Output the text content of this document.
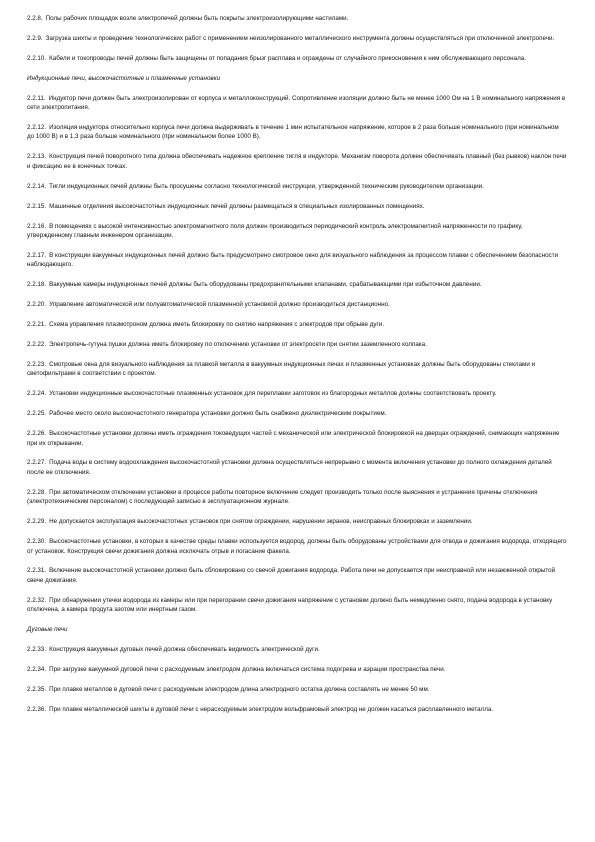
2.2.8. Полы рабочих площадок возле электропечей должны быть покрыты электроизолирующими настилами.
2.2.9. Загрузка шихты и проведение технологических работ с применением неизолированного металлического инструмента должны осуществляться при отключенной электропечи.
2.2.10. Кабели и токопроводы печей должны быть защищены от попадания брызг расплава и ограждены от случайного прикосновения к ним обслуживающего персонала.
Индукционные печи, высокочастотные и плазменные установки
2.2.11. Индуктор печи должен быть электроизолирован от корпуса и металлоконструкций. Сопротивление изоляции должно быть не менее 1000 Ом на 1 В номинального напряжения в сети электропитания.
2.2.12. Изоляция индуктора относительно корпуса печи должна выдерживать в течение 1 мин испытательное напряжение, которое в 2 раза больше номинального (при номинальном до 1000 В) и в 1,3 раза больше номинального (при номинальном более 1000 В).
2.2.13. Конструкция печей поворотного типа должна обеспечивать надежное крепление тигля в индукторе. Механизм поворота должен обеспечивать плавный (без рывков) наклон печи и фиксацию ее в конечных точках.
2.2.14. Тигли индукционных печей должны быть просушены согласно технологической инструкции, утвержденной техническим руководителем организации.
2.2.15. Машинные отделения высокочастотных индукционных печей должны размещаться в специальных изолированных помещениях.
2.2.16. В помещениях с высокой интенсивностью электромагнитного поля должен производиться периодический контроль электромагнитной напряженности по графику, утвержденному главным инженером организации.
2.2.17. В конструкции вакуумных индукционных печей должно быть предусмотрено смотровое окно для визуального наблюдения за процессом плавки с обеспечением безопасности наблюдающего.
2.2.18. Вакуумные камеры индукционных печей должны быть оборудованы предохранительными клапанами, срабатывающими при избыточном давлении.
2.2.20. Управление автоматической или полуавтоматической плазменной установкой должно производиться дистанционно.
2.2.21. Схема управления плазмотроном должна иметь блокировку по снятию напряжения с электродов при обрыве дуги.
2.2.22. Электропечь-гутуна пушки должна иметь блокировку по отключению установки от электросети при снятии заземленного колпака.
2.2.23. Смотровые окна для визуального наблюдения за плавкой металла в вакуумных индукционных печах и плазменных установках должны быть оборудованы стеклами и светофильтрами в соответствии с проектом.
2.2.24. Установки индукционные высокочастотные плазменных установок для переплавки заготовок из благородных металлов должны соответствовать проекту.
2.2.25. Рабочее место около высокочастотного генератора установки должно быть снабжено диэлектрическим покрытием.
2.2.26. Высокочастотные установки должны иметь ограждения токоведущих частей с механической или электрической блокировкой на дверцах ограждений, снимающих напряжение при их открывании.
2.2.27. Подача воды в систему водоохлаждения высокочастотной установки должна осуществляться непрерывно с момента включения установки до полного охлаждения деталей после ее отключения.
2.2.28. При автоматическом отключении установки в процессе работы повторное включение следует производить только после выяснения и устранения причины отключения (электротехническим персоналом) с последующей записью в эксплуатационном журнале.
2.2.29. Не допускается эксплуатация высокочастотных установок при снятом ограждении, нарушении экранов, неисправных блокировках и заземлении.
2.2.30. Высокочастотные установки, в которых в качестве среды плавки используется водород, должны быть оборудованы устройствами для отвода и дожигания водорода, отходящего от установок. Конструкция свечи дожигания должна исключать отрыв и погасание факела.
2.2.31. Включение высокочастотной установки должно быть сблокировано со свечой дожигания водорода. Работа печи не допускается при неисправной или незажженной открытой свече дожигания.
2.2.32. При обнаружении утечки водорода из камеры или при перегорании свечи дожигания напряжение с установки должно быть немедленно снято, подача водорода в установку отключена, а камера продута азотом или инертным газом.
Дуговые печи
2.2.33. Конструкция вакуумных дуговых печей должна обеспечивать видимость электрической дуги.
2.2.34. При загрузке вакуумной дуговой печи с расходуемым электродом должна включаться система подогрева и аэрации пространства печи.
2.2.35. При плавке металлов в дуговой печи с расходуемым электродом длина электродного остатка должна составлять не менее 50 мм.
2.2.36. При плавке металлической шихты в дуговой печи с нерасходуемым электродом вольфрамовый электрод не должен касаться расплавленного металла.
